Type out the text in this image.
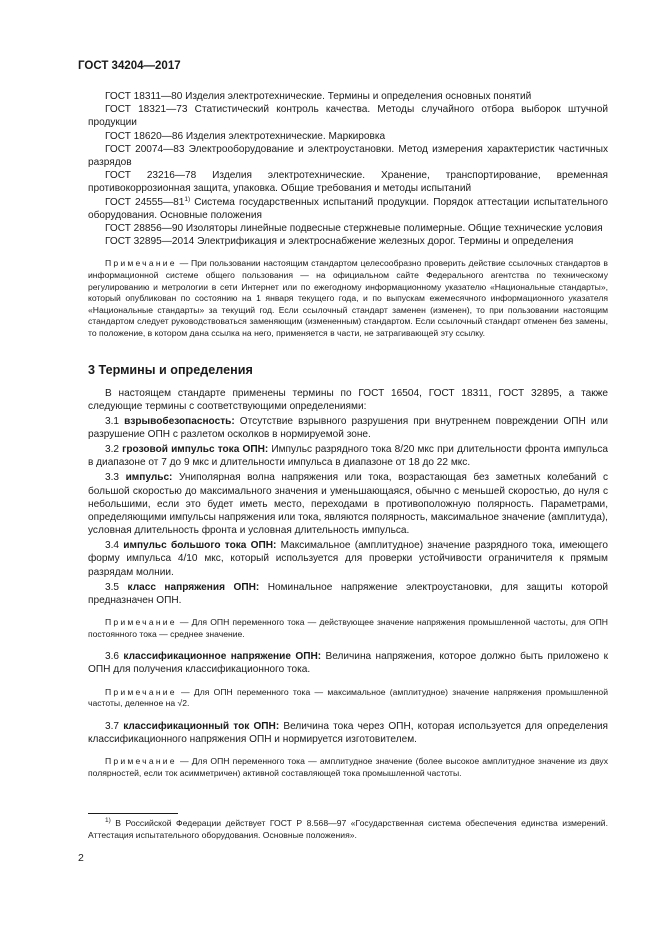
ГОСТ 34204—2017

ГОСТ 18311—80 Изделия электротехнические. Термины и определения основных понятий

ГОСТ 18321—73 Статистический контроль качества. Методы случайного отбора выборок штучной продукции

ГОСТ 18620—86 Изделия электротехнические. Маркировка

ГОСТ 20074—83 Электрооборудование и электроустановки. Метод измерения характеристик частичных разрядов

ГОСТ 23216—78 Изделия электротехнические. Хранение, транспортирование, временная противокоррозионная защита, упаковка. Общие требования и методы испытаний

ГОСТ 24555—81$^{1)}$ Система государственных испытаний продукции. Порядок аттестации испытательного оборудования. Основные положения

ГОСТ 28856—90 Изоляторы линейные подвесные стержневые полимерные. Общие технические условия

ГОСТ 32895—2014 Электрификация и электроснабжение железных дорог. Термины и определения

Примечание — При пользовании настоящим стандартом целесообразно проверить действие ссылочных стандартов в информационной системе общего пользования — на официальном сайте Федерального агентства по техническому регулированию и метрологии в сети Интернет или по ежегодному информационному указателю «Национальные стандарты», который опубликован по состоянию на 1 января текущего года, и по выпускам ежемесячного информационного указателя «Национальные стандарты» за текущий год. Если ссылочный стандарт заменен (изменен), то при пользовании настоящим стандартом следует руководствоваться заменяющим (измененным) стандартом. Если ссылочный стандарт отменен без замены, то положение, в котором дана ссылка на него, применяется в части, не затрагивающей эту ссылку.

3 Термины и определения

В настоящем стандарте применены термины по ГОСТ 16504, ГОСТ 18311, ГОСТ 32895, а также следующие термины с соответствующими определениями:

3.1 взрывобезопасность: Отсутствие взрывного разрушения при внутреннем повреждении ОПН или разрушение ОПН с разлетом осколков в нормируемой зоне.

3.2 грозовой импульс тока ОПН: Импульс разрядного тока 8/20 мкс при длительности фронта импульса в диапазоне от 7 до 9 мкс и длительности импульса в диапазоне от 18 до 22 мкс.

3.3 импульс: Униполярная волна напряжения или тока, возрастающая без заметных колебаний с большой скоростью до максимального значения и уменьшающаяся, обычно с меньшей скоростью, до нуля с небольшими, если это будет иметь место, переходами в противоположную полярность. Параметрами, определяющими импульсы напряжения или тока, являются полярность, максимальное значение (амплитуда), условная длительность фронта и условная длительность импульса.

3.4 импульс большого тока ОПН: Максимальное (амплитудное) значение разрядного тока, имеющего форму импульса 4/10 мкс, который используется для проверки устойчивости ограничителя к прямым разрядам молнии.

3.5 класс напряжения ОПН: Номинальное напряжение электроустановки, для защиты которой предназначен ОПН.

Примечание — Для ОПН переменного тока — действующее значение напряжения промышленной частоты, для ОПН постоянного тока — среднее значение.

3.6 классификационное напряжение ОПН: Величина напряжения, которое должно быть приложено к ОПН для получения классификационного тока.

Примечание — Для ОПН переменного тока — максимальное (амплитудное) значение напряжения промышленной частоты, деленное на √2.

3.7 классификационный ток ОПН: Величина тока через ОПН, которая используется для определения классификационного напряжения ОПН и нормируется изготовителем.

Примечание — Для ОПН переменного тока — амплитудное значение (более высокое амплитудное значение из двух полярностей, если ток асимметричен) активной составляющей тока промышленной частоты.

$^{1)}$ В Российской Федерации действует ГОСТ Р 8.568—97 «Государственная система обеспечения единства измерений. Аттестация испытательного оборудования. Основные положения».
2
